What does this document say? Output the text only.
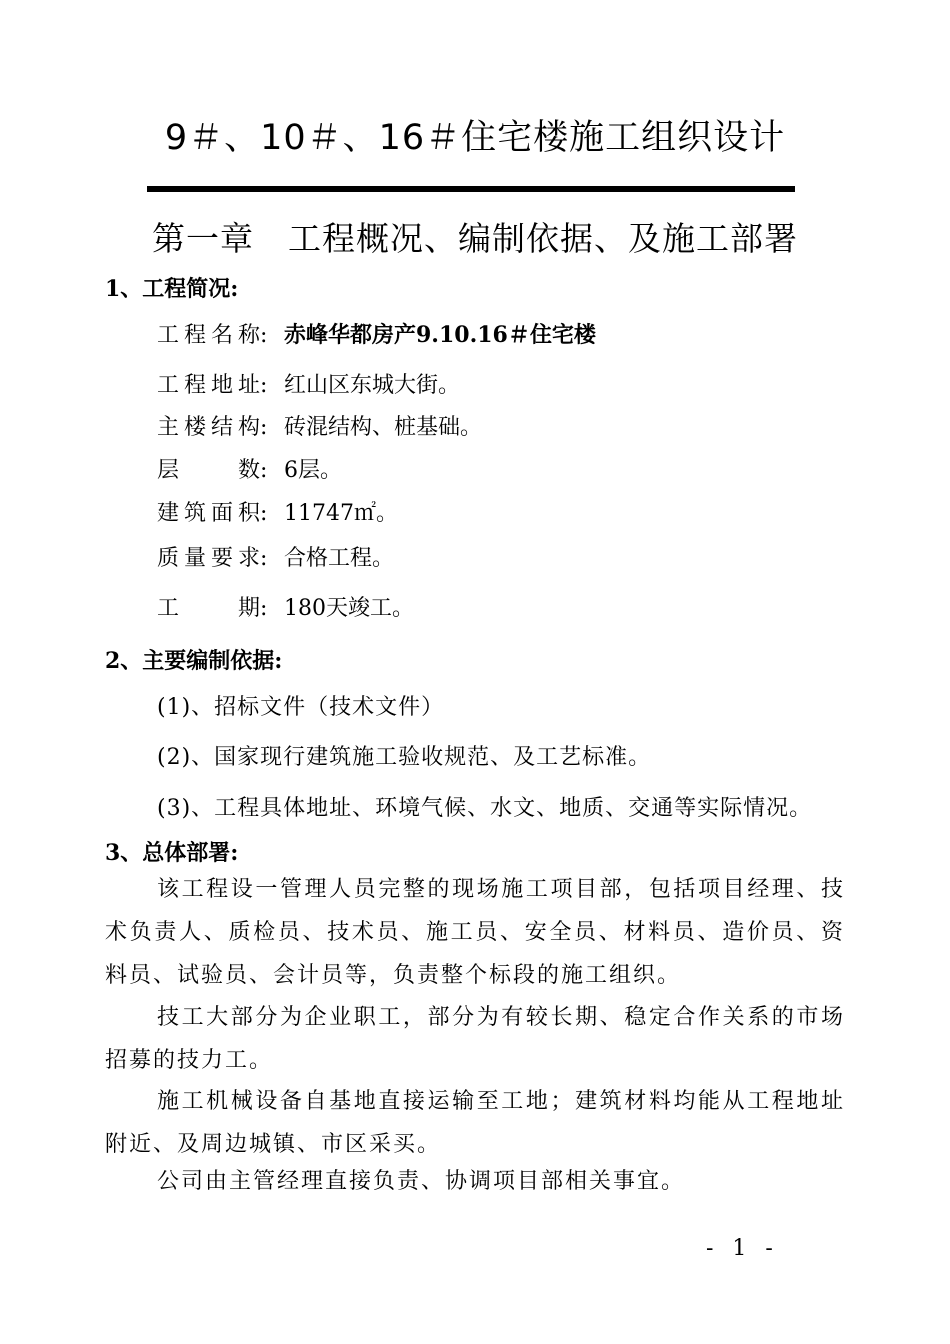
9＃、10＃、16＃住宅楼施工组织设计
第一章　工程概况、编制依据、及施工部署
1、工程简况:
工程名称: 赤峰华都房产9.10.16＃住宅楼
工程地址: 红山区东城大街。
主楼结构: 砖混结构、桩基础。
层数: 6层。
建筑面积: 11747㎡。
质量要求: 合格工程。
工期: 180天竣工。
2、主要编制依据:
(1)、招标文件（技术文件）
(2)、国家现行建筑施工验收规范、及工艺标准。
(3)、工程具体地址、环境气候、水文、地质、交通等实际情况。
3、总体部署:
该工程设一管理人员完整的现场施工项目部，包括项目经理、技术负责人、质检员、技术员、施工员、安全员、材料员、造价员、资料员、试验员、会计员等，负责整个标段的施工组织。
技工大部分为企业职工，部分为有较长期、稳定合作关系的市场招募的技力工。
施工机械设备自基地直接运输至工地；建筑材料均能从工程地址附近、及周边城镇、市区采买。
公司由主管经理直接负责、协调项目部相关事宜。
- 1 -
